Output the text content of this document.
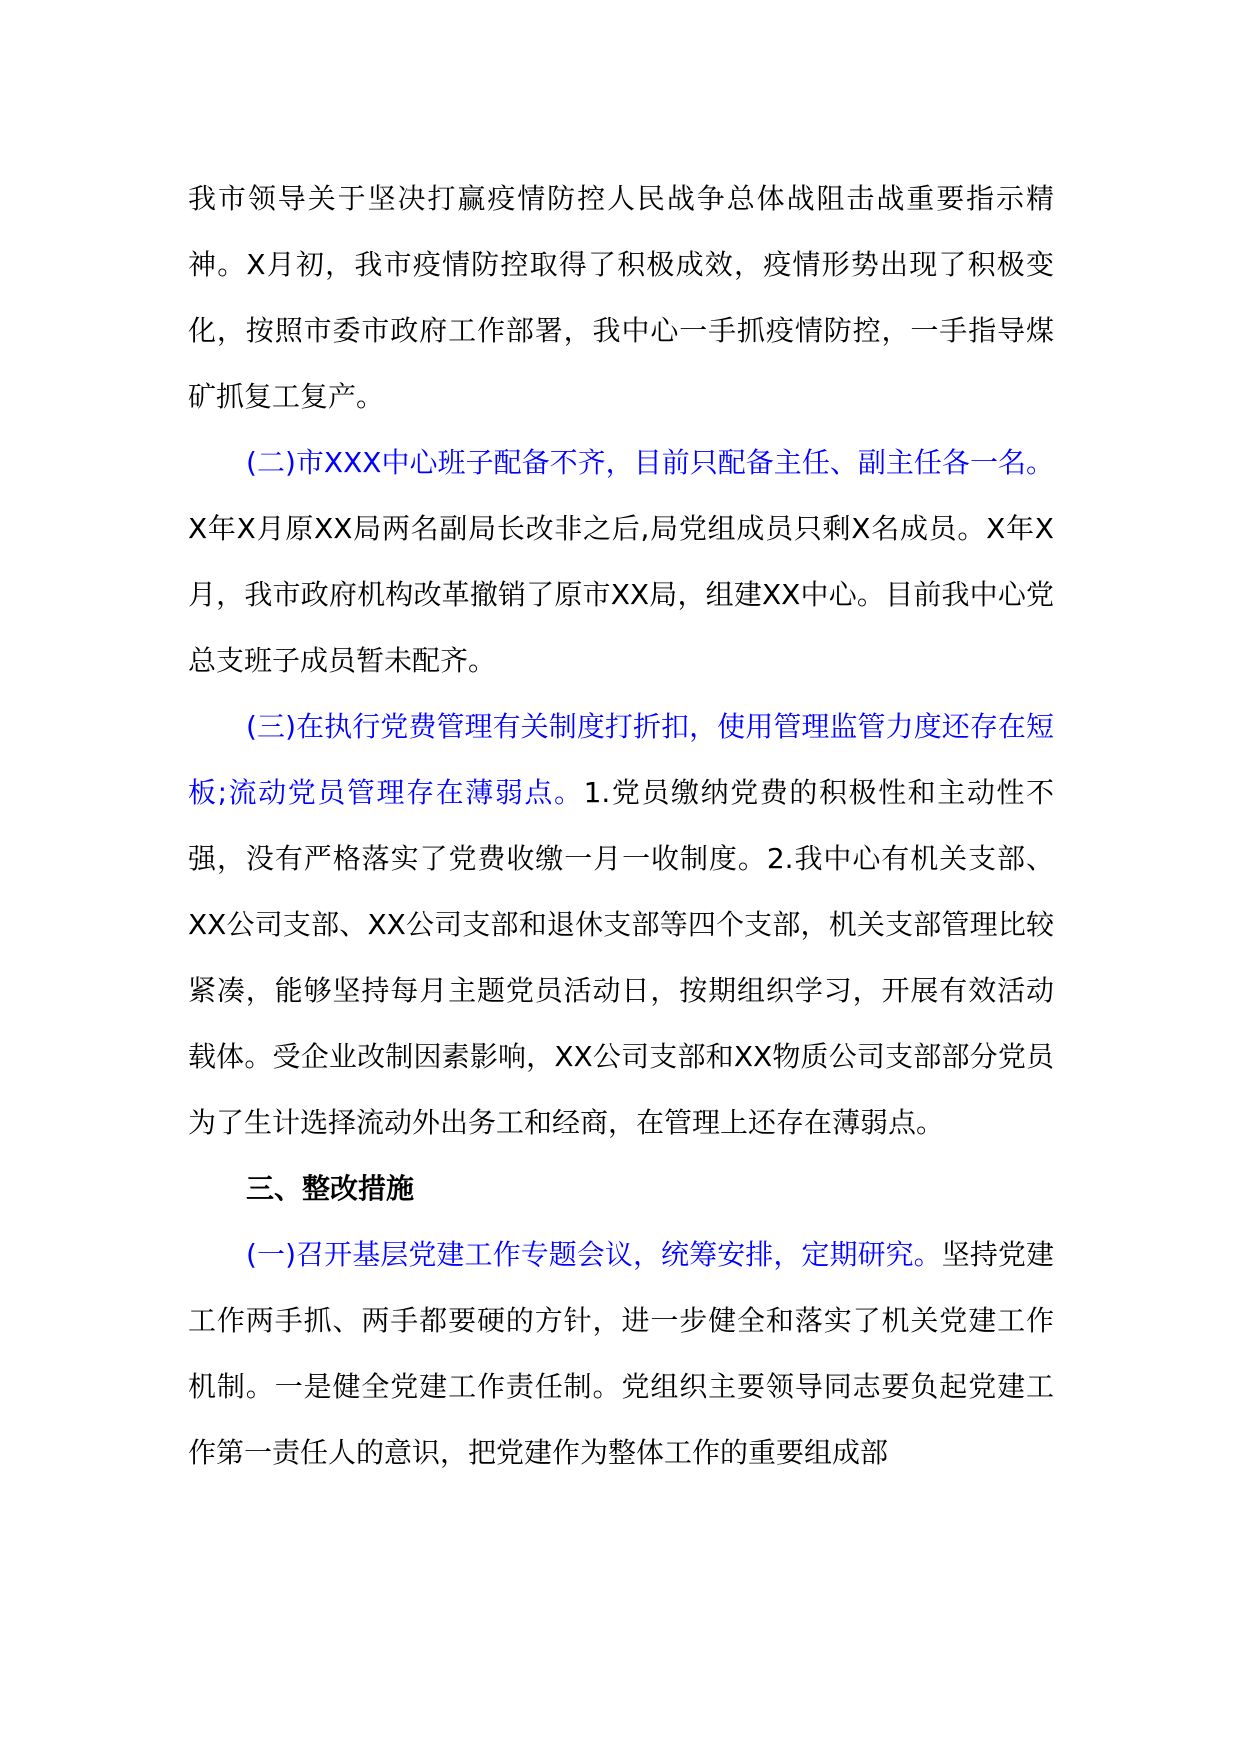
我市领导关于坚决打赢疫情防控人民战争总体战阻击战重要指示精神。X月初，我市疫情防控取得了积极成效，疫情形势出现了积极变化，按照市委市政府工作部署，我中心一手抓疫情防控，一手指导煤矿抓复工复产。

(二)市XXX中心班子配备不齐，目前只配备主任、副主任各一名。X年X月原XX局两名副局长改非之后,局党组成员只剩X名成员。X年X月，我市政府机构改革撤销了原市XX局，组建XX中心。目前我中心党总支班子成员暂未配齐。

(三)在执行党费管理有关制度打折扣，使用管理监管力度还存在短板;流动党员管理存在薄弱点。1.党员缴纳党费的积极性和主动性不强，没有严格落实了党费收缴一月一收制度。2.我中心有机关支部、XX公司支部、XX公司支部和退休支部等四个支部，机关支部管理比较紧凑，能够坚持每月主题党员活动日，按期组织学习，开展有效活动载体。受企业改制因素影响，XX公司支部和XX物质公司支部部分党员为了生计选择流动外出务工和经商，在管理上还存在薄弱点。

三、整改措施

(一)召开基层党建工作专题会议，统筹安排，定期研究。坚持党建工作两手抓、两手都要硬的方针，进一步健全和落实了机关党建工作机制。一是健全党建工作责任制。党组织主要领导同志要负起党建工作第一责任人的意识，把党建作为整体工作的重要组成部
